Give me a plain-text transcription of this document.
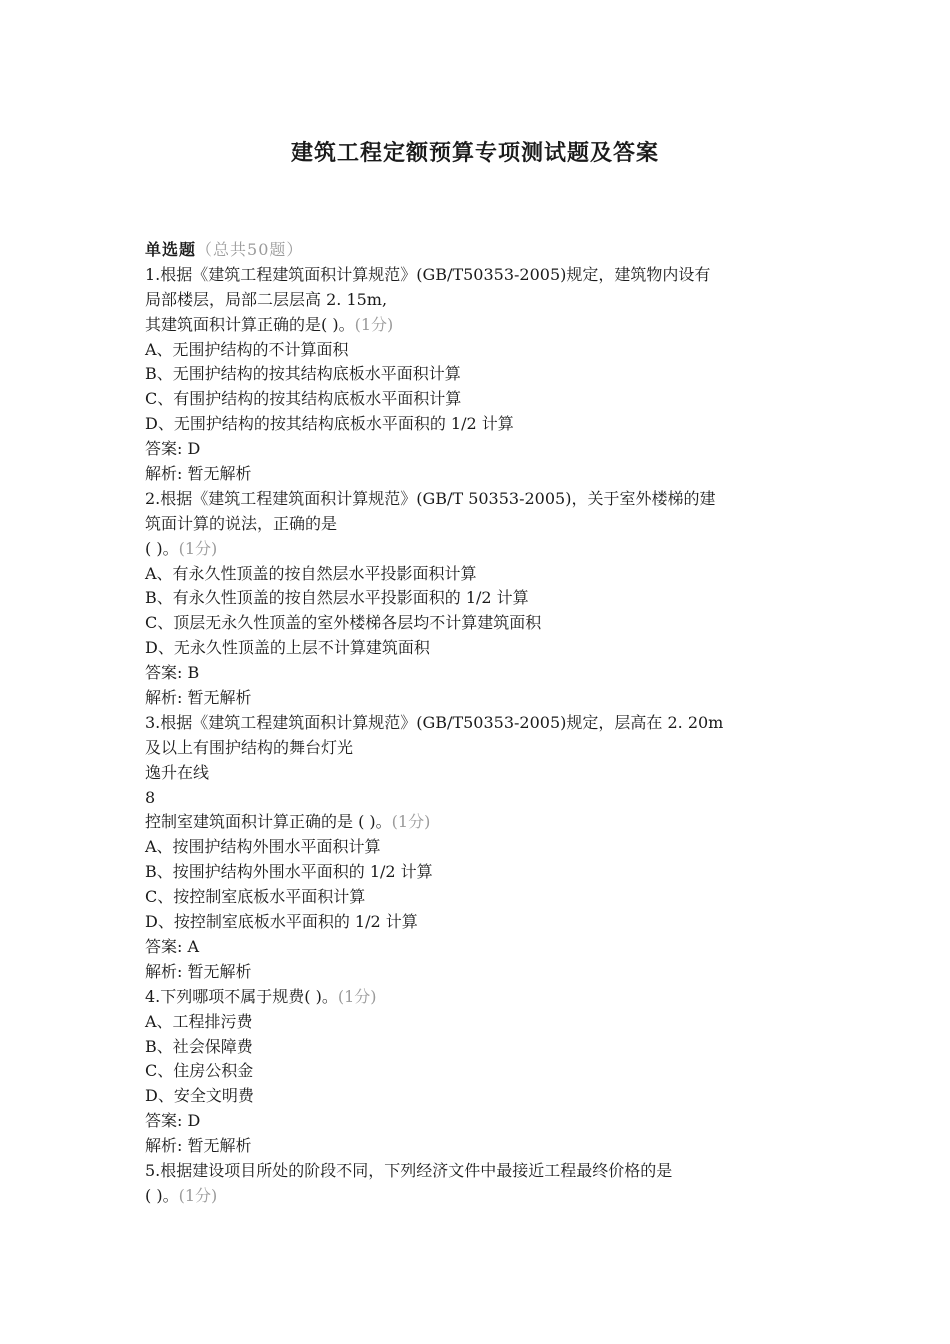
建筑工程定额预算专项测试题及答案
单选题（总共50题）
1.根据《建筑工程建筑面积计算规范》(GB/T50353-2005)规定，建筑物内设有
局部楼层，局部二层层高 2. 15m,
其建筑面积计算正确的是( )。(1分)
A、无围护结构的不计算面积
B、无围护结构的按其结构底板水平面积计算
C、有围护结构的按其结构底板水平面积计算
D、无围护结构的按其结构底板水平面积的 1/2 计算
答案: D
解析: 暂无解析
2.根据《建筑工程建筑面积计算规范》(GB/T 50353-2005)，关于室外楼梯的建
筑面计算的说法，正确的是
( )。(1分)
A、有永久性顶盖的按自然层水平投影面积计算
B、有永久性顶盖的按自然层水平投影面积的 1/2 计算
C、顶层无永久性顶盖的室外楼梯各层均不计算建筑面积
D、无永久性顶盖的上层不计算建筑面积
答案: B
解析: 暂无解析
3.根据《建筑工程建筑面积计算规范》(GB/T50353-2005)规定，层高在 2. 20m
及以上有围护结构的舞台灯光
逸升在线
8
控制室建筑面积计算正确的是 ( )。(1分)
A、按围护结构外围水平面积计算
B、按围护结构外围水平面积的 1/2 计算
C、按控制室底板水平面积计算
D、按控制室底板水平面积的 1/2 计算
答案: A
解析: 暂无解析
4.下列哪项不属于规费( )。(1分)
A、工程排污费
B、社会保障费
C、住房公积金
D、安全文明费
答案: D
解析: 暂无解析
5.根据建设项目所处的阶段不同，下列经济文件中最接近工程最终价格的是
( )。(1分)
